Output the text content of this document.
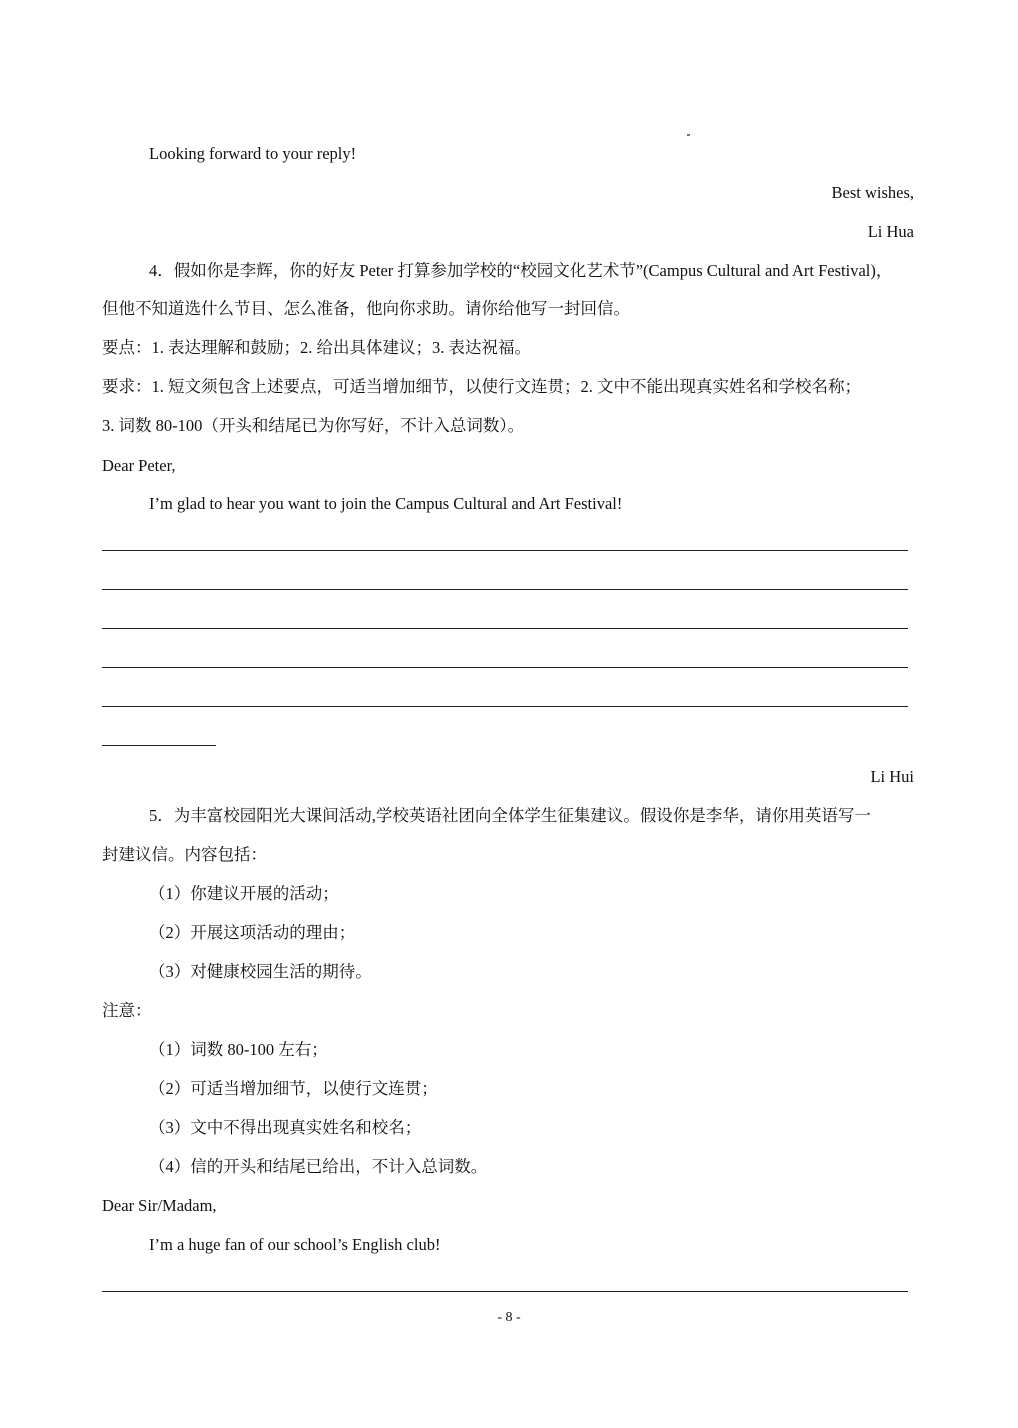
Looking forward to your reply!
Best wishes,
Li Hua
4．假如你是李辉，你的好友 Peter 打算参加学校的“校园文化艺术节”(Campus Cultural and Art Festival)，
但他不知道选什么节目、怎么准备，他向你求助。请你给他写一封回信。
要点：1. 表达理解和鼓励；2. 给出具体建议；3. 表达祝福。
要求：1. 短文须包含上述要点，可适当增加细节，以使行文连贯；2. 文中不能出现真实姓名和学校名称；
3. 词数 80-100（开头和结尾已为你写好，不计入总词数）。
Dear Peter,
I’m glad to hear you want to join the Campus Cultural and Art Festival!
Li Hui
5．为丰富校园阳光大课间活动,学校英语社团向全体学生征集建议。假设你是李华，请你用英语写一
封建议信。内容包括：
（1）你建议开展的活动；
（2）开展这项活动的理由；
（3）对健康校园生活的期待。
注意：
（1）词数 80-100 左右；
（2）可适当增加细节，以使行文连贯；
（3）文中不得出现真实姓名和校名；
（4）信的开头和结尾已给出，不计入总词数。
Dear Sir/Madam,
I’m a huge fan of our school’s English club!
- 8 -
